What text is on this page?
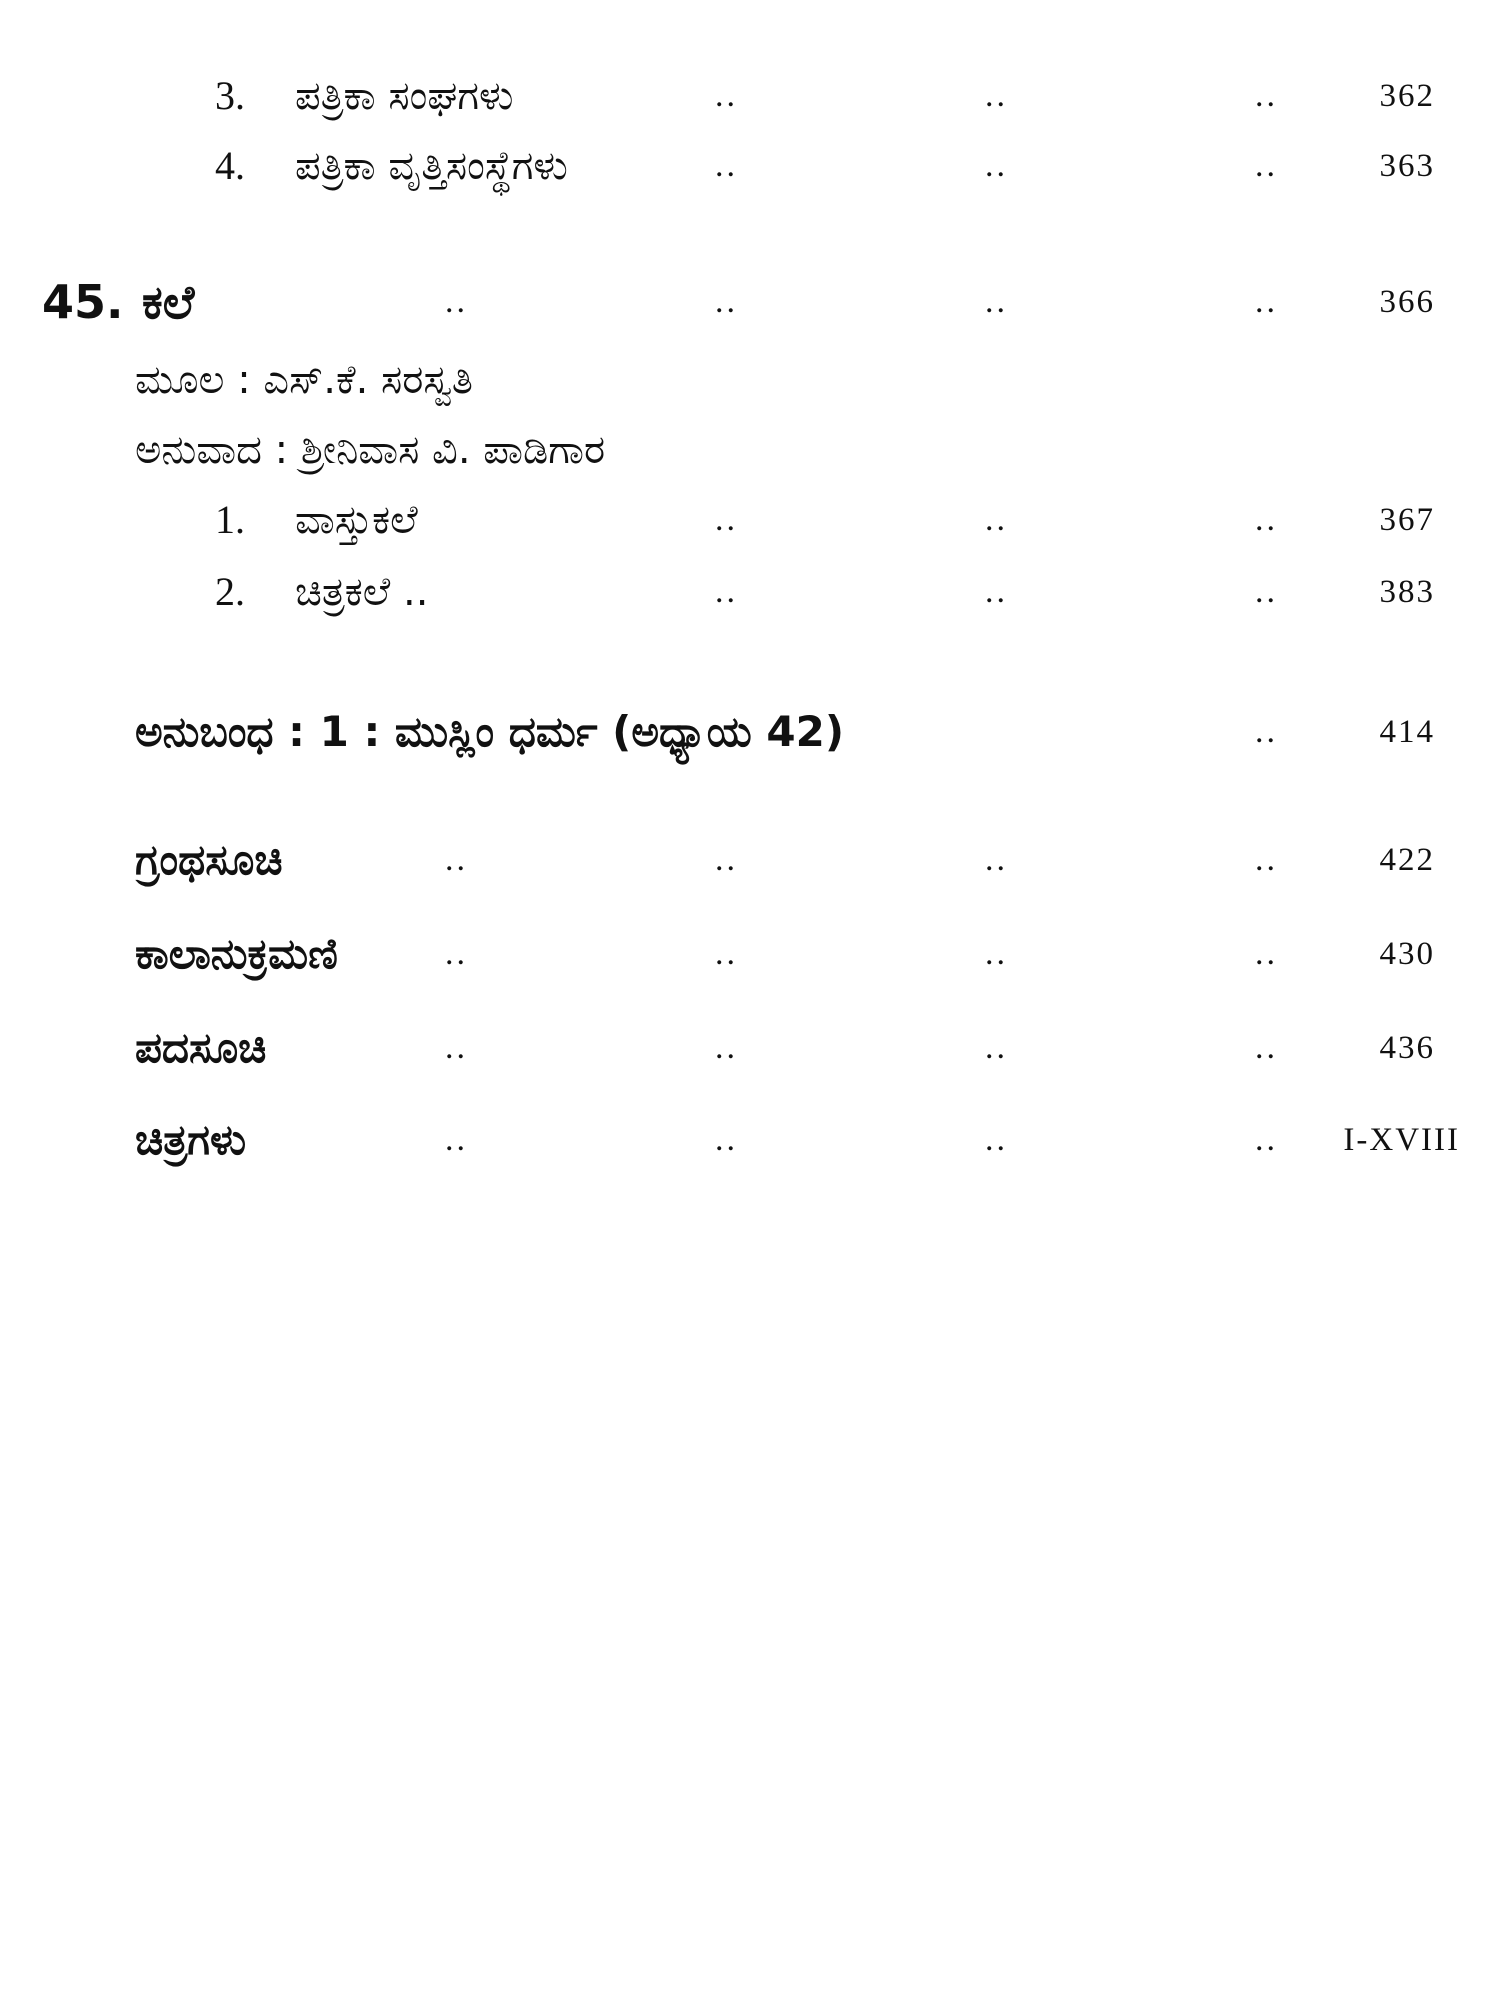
3. ಪತ್ರಿಕಾ ಸಂಘಗಳು	..	..	..	362
4. ಪತ್ರಿಕಾ ವೃತ್ತಿಸಂಸ್ಥೆಗಳು	..	..	..	363
45. ಕಲೆ	..	..	..	..	366
ಮೂಲ : ಎಸ್.ಕೆ. ಸರಸ್ವತಿ
ಅನುವಾದ : ಶ್ರೀನಿವಾಸ ವಿ. ಪಾಡಿಗಾರ
1. ವಾಸ್ತುಕಲೆ	..	..	..	367
2. ಚಿತ್ರಕಲೆ ..	..	..	..	383
ಅನುಬಂಧ : 1 : ಮುಸ್ಲಿಂ ಧರ್ಮ (ಅಧ್ಯಾಯ 42)	..	414
ಗ್ರಂಥಸೂಚಿ	..	..	..	..	422
ಕಾಲಾನುಕ್ರಮಣಿ	..	..	..	..	430
ಪದಸೂಚಿ	..	..	..	..	436
ಚಿತ್ರಗಳು	..	..	..	..	I-XVIII
